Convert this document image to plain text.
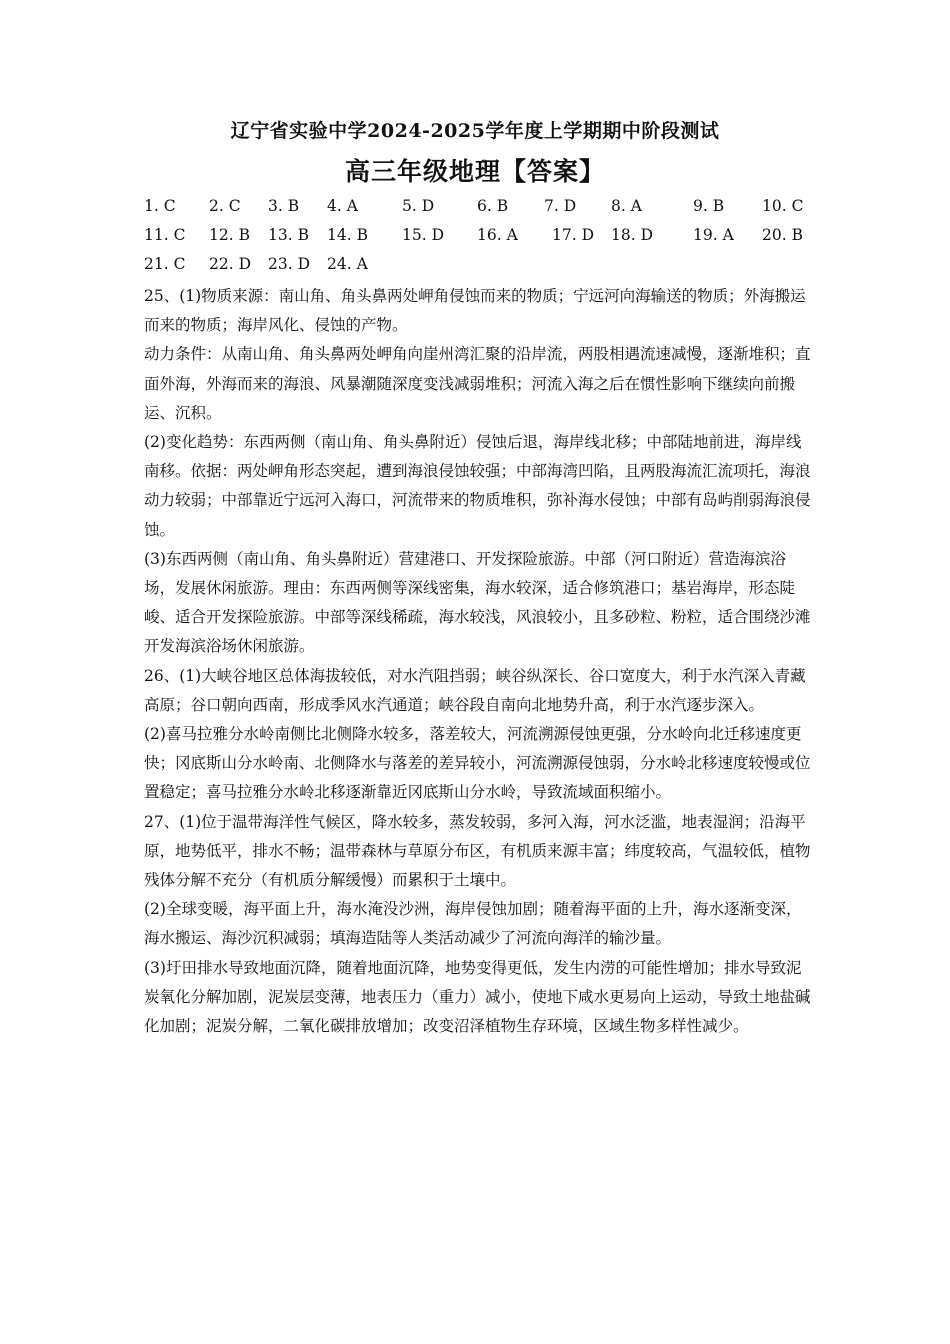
辽宁省实验中学2024-2025学年度上学期期中阶段测试
高三年级地理【答案】
1. C 2. C 3. B 4. A	5. D	6. B 7. D 8. A	9. B 10. C
11. C 12. B 13. B 14. B 15. D 16. A 17. D 18. D	19. A 20. B
21. C 22. D 23. D 24. A

25、(1)物质来源：南山角、角头鼻两处岬角侵蚀而来的物质；宁远河向海输送的物质；外海搬运而来的物质；海岸风化、侵蚀的产物。

动力条件：从南山角、角头鼻两处岬角向崖州湾汇聚的沿岸流，两股相遇流速减慢，逐渐堆积；直面外海，外海而来的海浪、风暴潮随深度变浅减弱堆积；河流入海之后在惯性影响下继续向前搬运、沉积。

(2)变化趋势：东西两侧（南山角、角头鼻附近）侵蚀后退，海岸线北移；中部陆地前进，海岸线南移。依据：两处岬角形态突起，遭到海浪侵蚀较强；中部海湾凹陷，且两股海流汇流项托，海浪动力较弱；中部靠近宁远河入海口，河流带来的物质堆积，弥补海水侵蚀；中部有岛屿削弱海浪侵蚀。

(3)东西两侧（南山角、角头鼻附近）营建港口、开发探险旅游。中部（河口附近）营造海滨浴场，发展休闲旅游。理由：东西两侧等深线密集，海水较深，适合修筑港口；基岩海岸，形态陡峻、适合开发探险旅游。中部等深线稀疏，海水较浅，风浪较小，且多砂粒、粉粒，适合围绕沙滩开发海滨浴场休闲旅游。

26、(1)大峡谷地区总体海拔较低，对水汽阻挡弱；峡谷纵深长、谷口宽度大，利于水汽深入青藏高原；谷口朝向西南，形成季风水汽通道；峡谷段自南向北地势升高，利于水汽逐步深入。

(2)喜马拉雅分水岭南侧比北侧降水较多，落差较大，河流溯源侵蚀更强，分水岭向北迁移速度更快；冈底斯山分水岭南、北侧降水与落差的差异较小，河流溯源侵蚀弱，分水岭北移速度较慢或位置稳定；喜马拉雅分水岭北移逐渐靠近冈底斯山分水岭，导致流域面积缩小。

27、(1)位于温带海洋性气候区，降水较多，蒸发较弱，多河入海，河水泛滥，地表湿润；沿海平原，地势低平，排水不畅；温带森林与草原分布区，有机质来源丰富；纬度较高，气温较低，植物残体分解不充分（有机质分解缓慢）而累积于土壤中。

(2)全球变暖，海平面上升，海水淹没沙洲，海岸侵蚀加剧；随着海平面的上升，海水逐渐变深，海水搬运、海沙沉积减弱；填海造陆等人类活动减少了河流向海洋的输沙量。

(3)圩田排水导致地面沉降，随着地面沉降，地势变得更低，发生内涝的可能性增加；排水导致泥炭氧化分解加剧，泥炭层变薄，地表压力（重力）减小，使地下咸水更易向上运动，导致土地盐碱化加剧；泥炭分解，二氧化碳排放增加；改变沼泽植物生存环境，区域生物多样性减少。
